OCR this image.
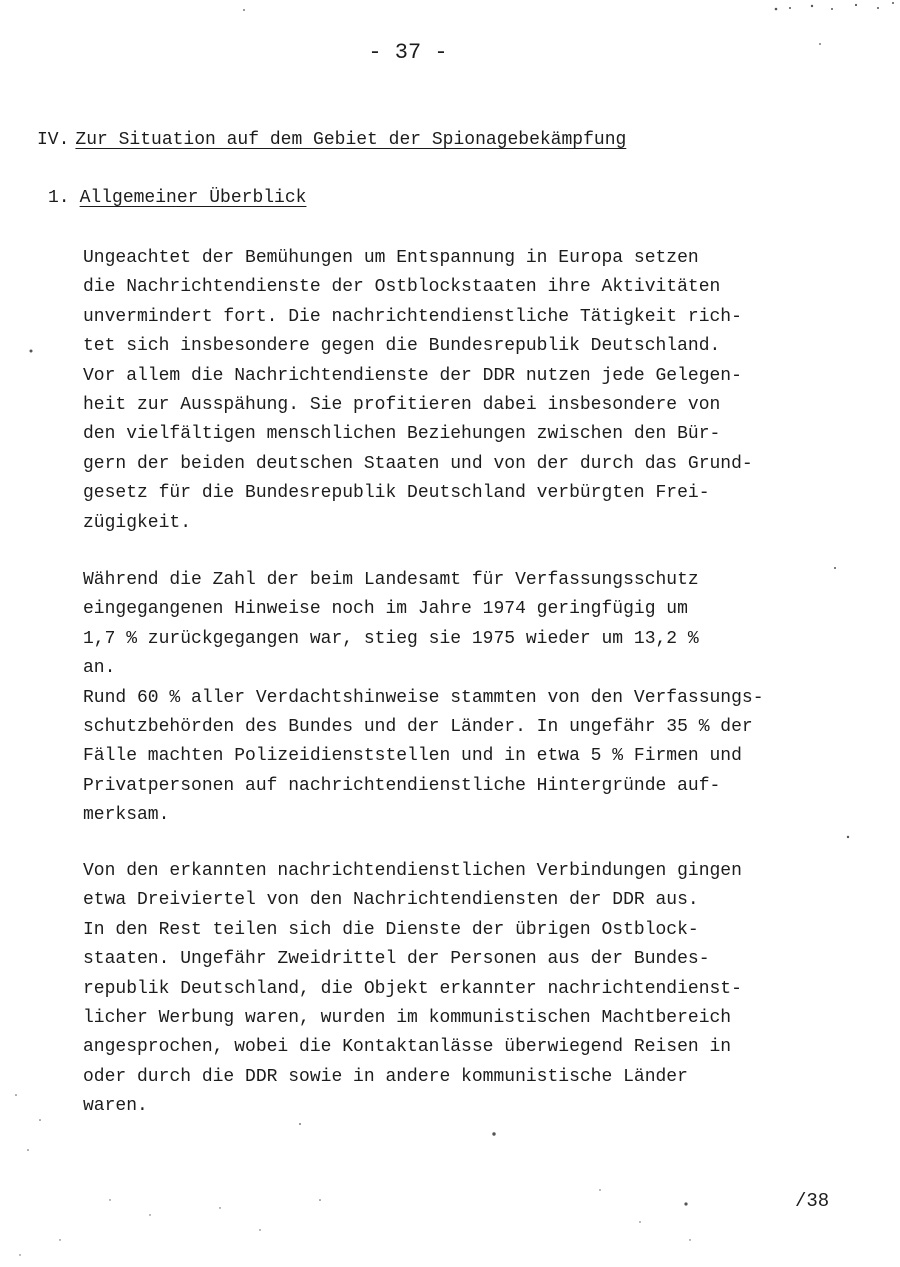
- 37 -
IV. Zur Situation auf dem Gebiet der Spionagebekämpfung
1. Allgemeiner Überblick
Ungeachtet der Bemühungen um Entspannung in Europa setzen
die Nachrichtendienste der Ostblockstaaten ihre Aktivitäten
unvermindert fort. Die nachrichtendienstliche Tätigkeit rich-
tet sich insbesondere gegen die Bundesrepublik Deutschland.
Vor allem die Nachrichtendienste der DDR nutzen jede Gelegen-
heit zur Ausspähung. Sie profitieren dabei insbesondere von
den vielfältigen menschlichen Beziehungen zwischen den Bür-
gern der beiden deutschen Staaten und von der durch das Grund-
gesetz für die Bundesrepublik Deutschland verbürgten Frei-
zügigkeit.
Während die Zahl der beim Landesamt für Verfassungsschutz
eingegangenen Hinweise noch im Jahre 1974 geringfügig um
1,7 % zurückgegangen war, stieg sie 1975 wieder um 13,2 %
an.
Rund 60 % aller Verdachtshinweise stammten von den Verfassungs-
schutzbehörden des Bundes und der Länder. In ungefähr 35 % der
Fälle machten Polizeidienststellen und in etwa 5 % Firmen und
Privatpersonen auf nachrichtendienstliche Hintergründe auf-
merksam.
Von den erkannten nachrichtendienstlichen Verbindungen gingen
etwa Dreiviertel von den Nachrichtendiensten der DDR aus.
In den Rest teilen sich die Dienste der übrigen Ostblock-
staaten. Ungefähr Zweidrittel der Personen aus der Bundes-
republik Deutschland, die Objekt erkannter nachrichtendienst-
licher Werbung waren, wurden im kommunistischen Machtbereich
angesprochen, wobei die Kontaktanlässe überwiegend Reisen in
oder durch die DDR sowie in andere kommunistische Länder
waren.
/38
